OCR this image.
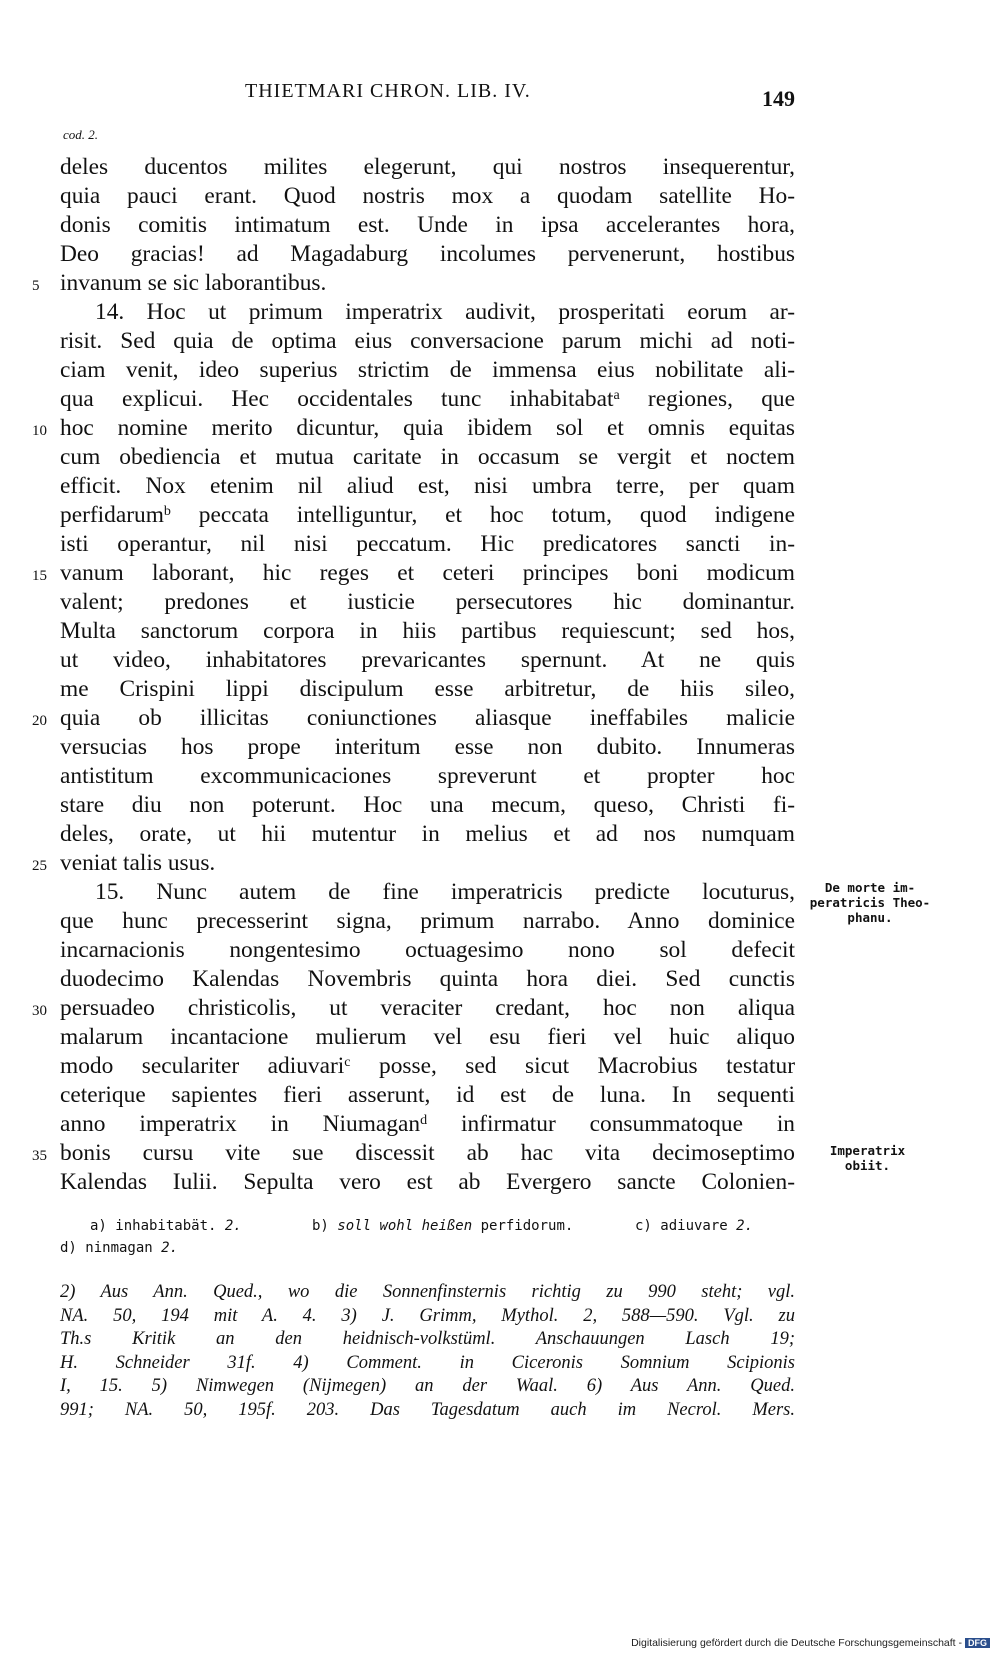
THIETMARI CHRON. LIB. IV.	149
cod. 2.
deles ducentos milites elegerunt, qui nostros insequerentur,
quia pauci erant. Quod nostris mox a quodam satellite Ho-
donis comitis intimatum est. Unde in ipsa accelerantes hora,
Deo gracias! ad Magadaburg incolumes pervenerunt, hostibus
invanum se sic laborantibus.
5
14. Hoc ut primum imperatrix audivit, prosperitati eorum ar-
risit. Sed quia de optima eius conversacione parum michi ad noti-
ciam venit, ideo superius strictim de immensa eius nobilitate ali-
qua explicui. Hec occidentales tunc inhabitabat$^a$ regiones, que
hoc nomine merito dicuntur, quia ibidem sol et omnis equitas
10
cum obediencia et mutua caritate in occasum se vergit et noctem
efficit. Nox etenim nil aliud est, nisi umbra terre, per quam
perfidarum$^b$ peccata intelliguntur, et hoc totum, quod indigene
isti operantur, nil nisi peccatum. Hic predicatores sancti in-
vanum laborant, hic reges et ceteri principes boni modicum
15
valent; predones et iusticie persecutores hic dominantur.
Multa sanctorum corpora in hiis partibus requiescunt; sed hos,
ut video, inhabitatores prevaricantes spernunt. At ne quis
me Crispini lippi discipulum esse arbitretur, de hiis sileo,
quia ob illicitas coniunctiones aliasque ineffabiles malicie
20
versucias hos prope interitum esse non dubito. Innumeras
antistitum excommunicaciones spreverunt et propter hoc
stare diu non poterunt. Hoc una mecum, queso, Christi fi-
deles, orate, ut hii mutentur in melius et ad nos numquam
veniat talis usus.
25
15. Nunc autem de fine imperatricis predicte locuturus,
que hunc precesserint signa, primum narrabo. Anno dominice
incarnacionis nongentesimo octuagesimo nono sol defecit
duodecimo Kalendas Novembris quinta hora diei. Sed cunctis
persuadeo christicolis, ut veraciter credant, hoc non aliqua
30
malarum incantacione mulierum vel esu fieri vel huic aliquo
modo seculariter adiuvari$^c$ posse, sed sicut Macrobius testatur
ceterique sapientes fieri asserunt, id est de luna. In sequenti
anno imperatrix in Niumagan$^d$ infirmatur consummatoque in
bonis cursu vite sue discessit ab hac vita decimoseptimo
35
Kalendas Iulii. Sepulta vero est ab Evergero sancte Colonien-
De morte im-
peratricis Theo-
phanu.
Imperatrix
obiit.
a) inhabitabät. 2.	b) soll wohl heißen perfidorum.	c) adiuvare 2.
d) ninmagan 2.
2) Aus Ann. Qued., wo die Sonnenfinsternis richtig zu 990 steht; vgl.
NA. 50, 194 mit A. 4. 3) J. Grimm, Mythol. 2, 588—590. Vgl. zu
Th.s Kritik an den heidnisch-volkstüml. Anschauungen Lasch 19;
H. Schneider 31f. 4) Comment. in Ciceronis Somnium Scipionis
I, 15. 5) Nimwegen (Nijmegen) an der Waal. 6) Aus Ann. Qued.
991; NA. 50, 195f. 203. Das Tagesdatum auch im Necrol. Mers.
Digitalisierung gefördert durch die Deutsche Forschungsgemeinschaft - DFG
